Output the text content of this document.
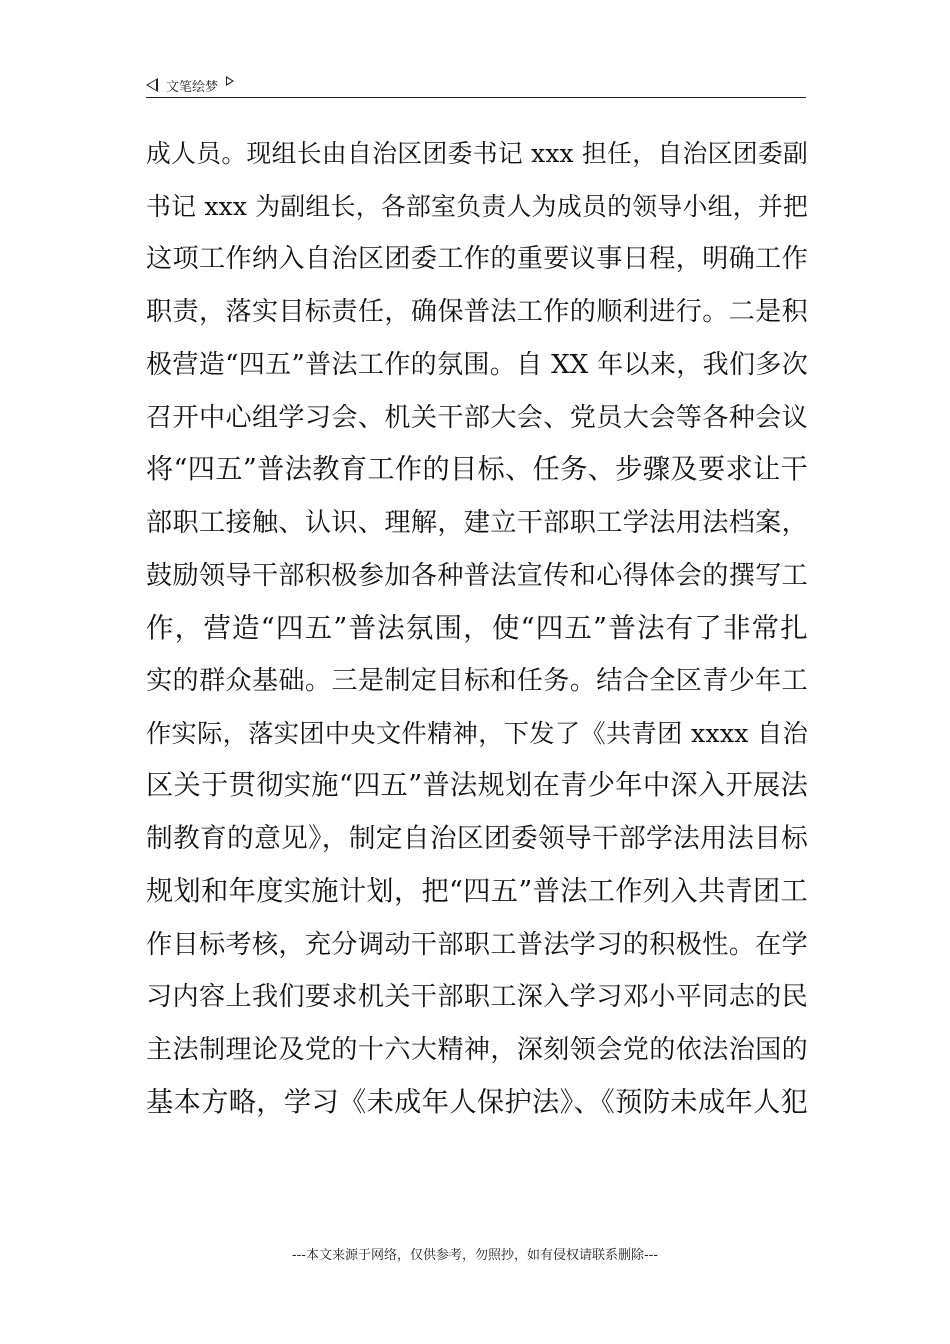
文笔绘梦
成人员。现组长由自治区团委书记 xxx 担任，自治区团委副
书记 xxx 为副组长，各部室负责人为成员的领导小组，并把
这项工作纳入自治区团委工作的重要议事日程，明确工作
职责，落实目标责任，确保普法工作的顺利进行。二是积
极营造“四五”普法工作的氛围。自 XX 年以来，我们多次
召开中心组学习会、机关干部大会、党员大会等各种会议
将“四五”普法教育工作的目标、任务、步骤及要求让干
部职工接触、认识、理解，建立干部职工学法用法档案，
鼓励领导干部积极参加各种普法宣传和心得体会的撰写工
作，营造“四五”普法氛围，使“四五”普法有了非常扎
实的群众基础。三是制定目标和任务。结合全区青少年工
作实际，落实团中央文件精神，下发了《共青团 xxxx 自治
区关于贯彻实施“四五”普法规划在青少年中深入开展法
制教育的意见》，制定自治区团委领导干部学法用法目标
规划和年度实施计划，把“四五”普法工作列入共青团工
作目标考核，充分调动干部职工普法学习的积极性。在学
习内容上我们要求机关干部职工深入学习邓小平同志的民
主法制理论及党的十六大精神，深刻领会党的依法治国的
基本方略，学习《未成年人保护法》、《预防未成年人犯
---本文来源于网络，仅供参考，勿照抄，如有侵权请联系删除---
